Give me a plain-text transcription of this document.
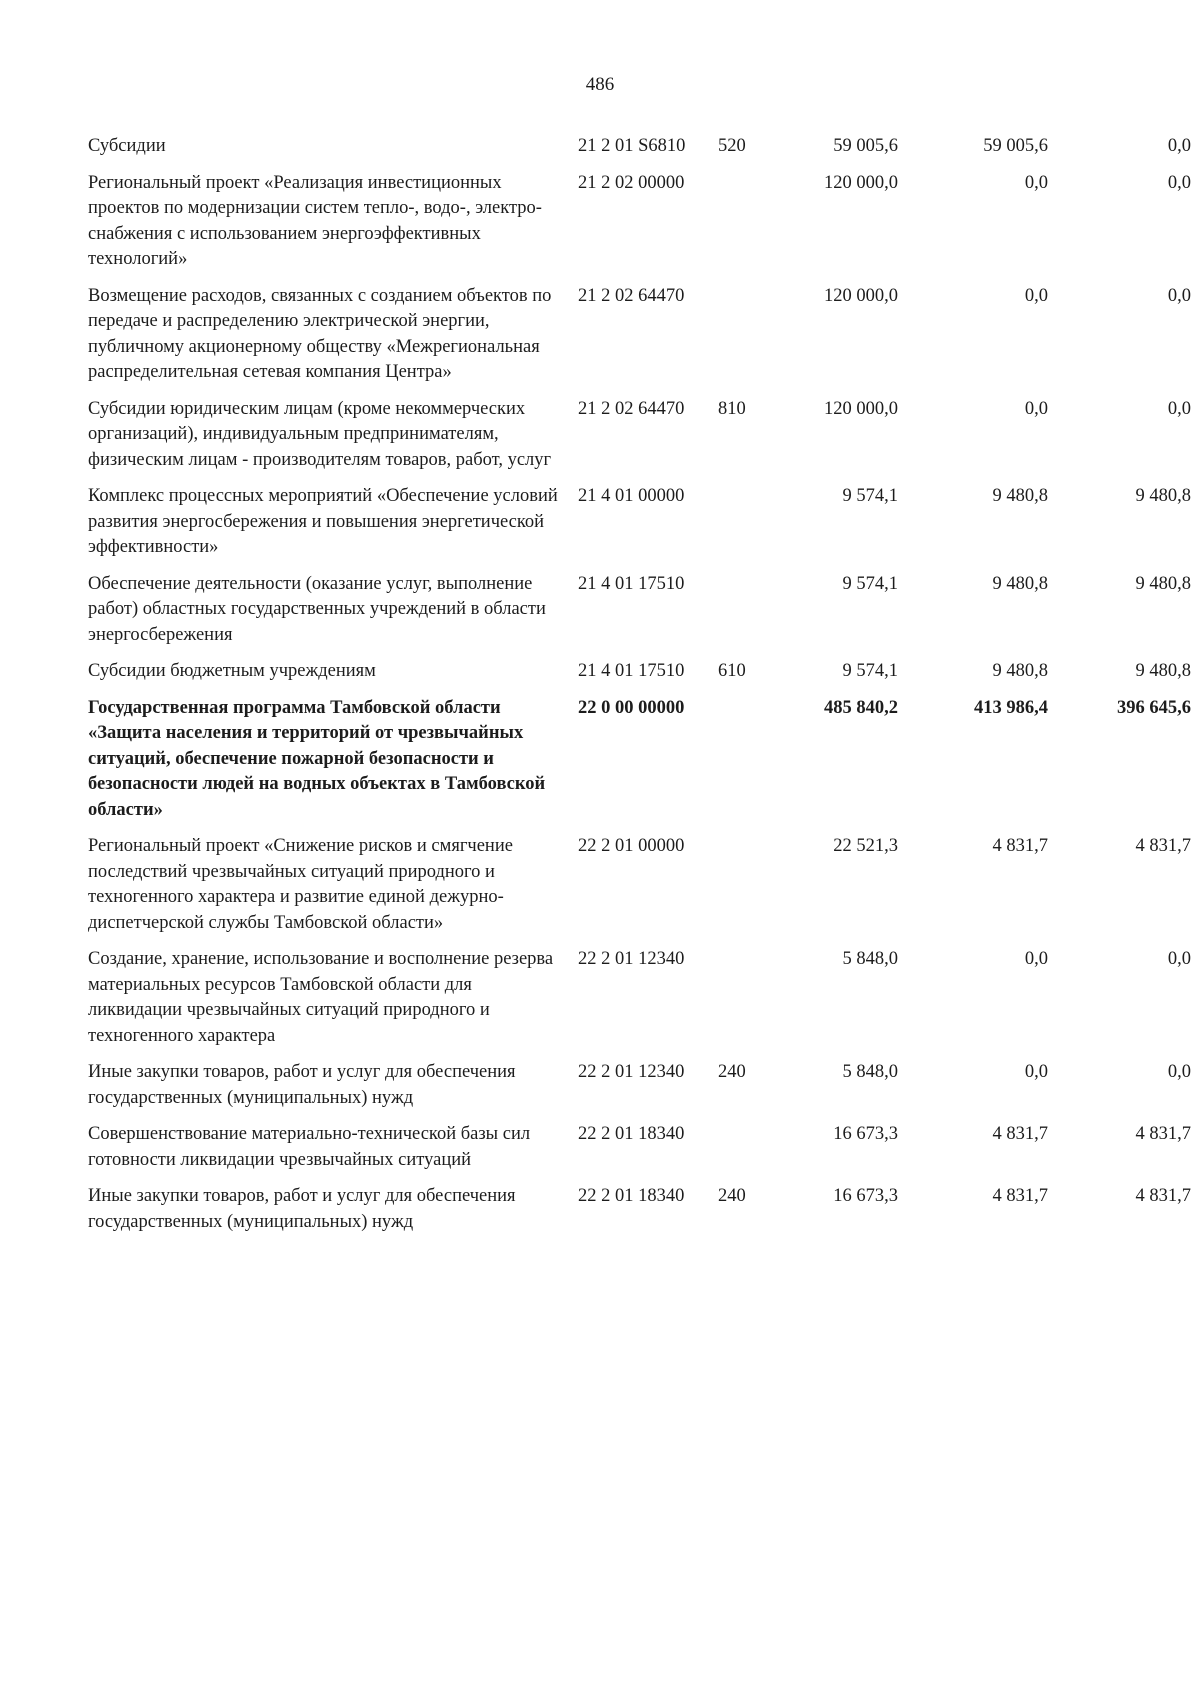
486
Субсидии	21 2 01 S6810	520	59 005,6	59 005,6	0,0
Региональный проект «Реализация инвестиционных проектов по модернизации систем тепло-, водо-, электро- снабжения с использованием энергоэффективных технологий»	21 2 02 00000		120 000,0	0,0	0,0
Возмещение расходов, связанных с созданием объектов по передаче и распределению электрической энергии, публичному акционерному обществу «Межрегиональная распределительная сетевая компания Центра»	21 2 02 64470		120 000,0	0,0	0,0
Субсидии юридическим лицам (кроме некоммерческих организаций), индивидуальным предпринимателям, физическим лицам - производителям товаров, работ, услуг	21 2 02 64470	810	120 000,0	0,0	0,0
Комплекс процессных мероприятий «Обеспечение условий развития энергосбережения и повышения энергетической эффективности»	21 4 01 00000		9 574,1	9 480,8	9 480,8
Обеспечение деятельности (оказание услуг, выполнение работ) областных государственных учреждений в области энергосбережения	21 4 01 17510		9 574,1	9 480,8	9 480,8
Субсидии бюджетным учреждениям	21 4 01 17510	610	9 574,1	9 480,8	9 480,8
Государственная программа Тамбовской области «Защита населения и территорий от чрезвычайных ситуаций, обеспечение пожарной безопасности и безопасности людей на водных объектах в Тамбовской области»	22 0 00 00000		485 840,2	413 986,4	396 645,6
Региональный проект «Снижение рисков и смягчение последствий чрезвычайных ситуаций природного и техногенного характера и развитие единой дежурно-диспетчерской службы Тамбовской области»	22 2 01 00000		22 521,3	4 831,7	4 831,7
Создание, хранение, использование и восполнение резерва материальных ресурсов Тамбовской области для ликвидации чрезвычайных ситуаций природного и техногенного характера	22 2 01 12340		5 848,0	0,0	0,0
Иные закупки товаров, работ и услуг для обеспечения государственных (муниципальных) нужд	22 2 01 12340	240	5 848,0	0,0	0,0
Совершенствование материально-технической базы сил готовности ликвидации чрезвычайных ситуаций	22 2 01 18340		16 673,3	4 831,7	4 831,7
Иные закупки товаров, работ и услуг для обеспечения государственных (муниципальных) нужд	22 2 01 18340	240	16 673,3	4 831,7	4 831,7
